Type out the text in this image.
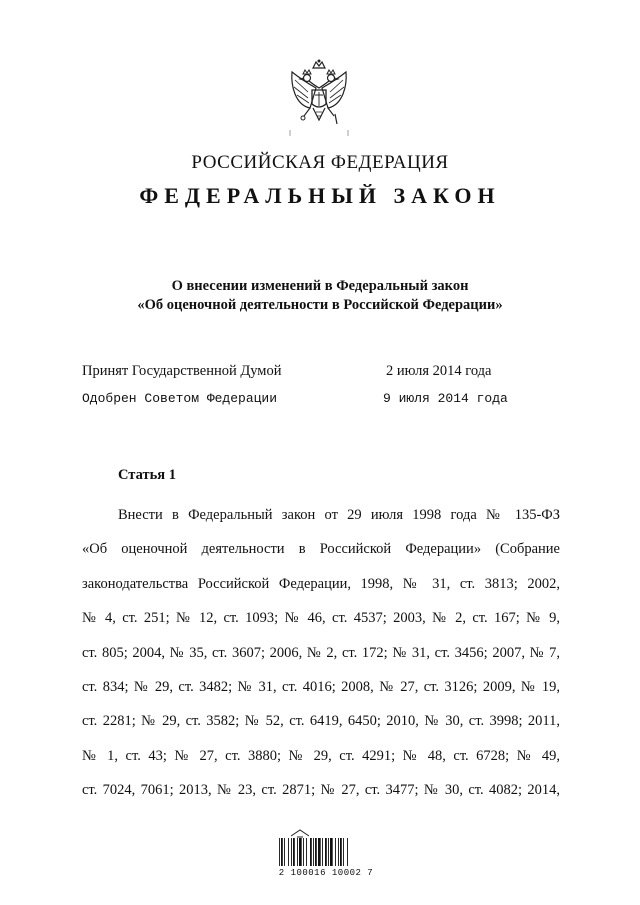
РОССИЙСКАЯ ФЕДЕРАЦИЯ
ФЕДЕРАЛЬНЫЙ ЗАКОН
О внесении изменений в Федеральный закон
«Об оценочной деятельности в Российской Федерации»
Принят Государственной Думой	2 июля 2014 года
Одобрен Советом Федерации	9 июля 2014 года
Статья 1
Внести в Федеральный закон от 29 июля 1998 года № 135-ФЗ
«Об оценочной деятельности в Российской Федерации» (Собрание
законодательства Российской Федерации, 1998, № 31, ст. 3813; 2002,
№ 4, ст. 251; № 12, ст. 1093; № 46, ст. 4537; 2003, № 2, ст. 167; № 9,
ст. 805; 2004, № 35, ст. 3607; 2006, № 2, ст. 172; № 31, ст. 3456; 2007, № 7,
ст. 834; № 29, ст. 3482; № 31, ст. 4016; 2008, № 27, ст. 3126; 2009, № 19,
ст. 2281; № 29, ст. 3582; № 52, ст. 6419, 6450; 2010, № 30, ст. 3998; 2011,
№ 1, ст. 43; № 27, ст. 3880; № 29, ст. 4291; № 48, ст. 6728; № 49,
ст. 7024, 7061; 2013, № 23, ст. 2871; № 27, ст. 3477; № 30, ст. 4082; 2014,
2 100016 10002 7
